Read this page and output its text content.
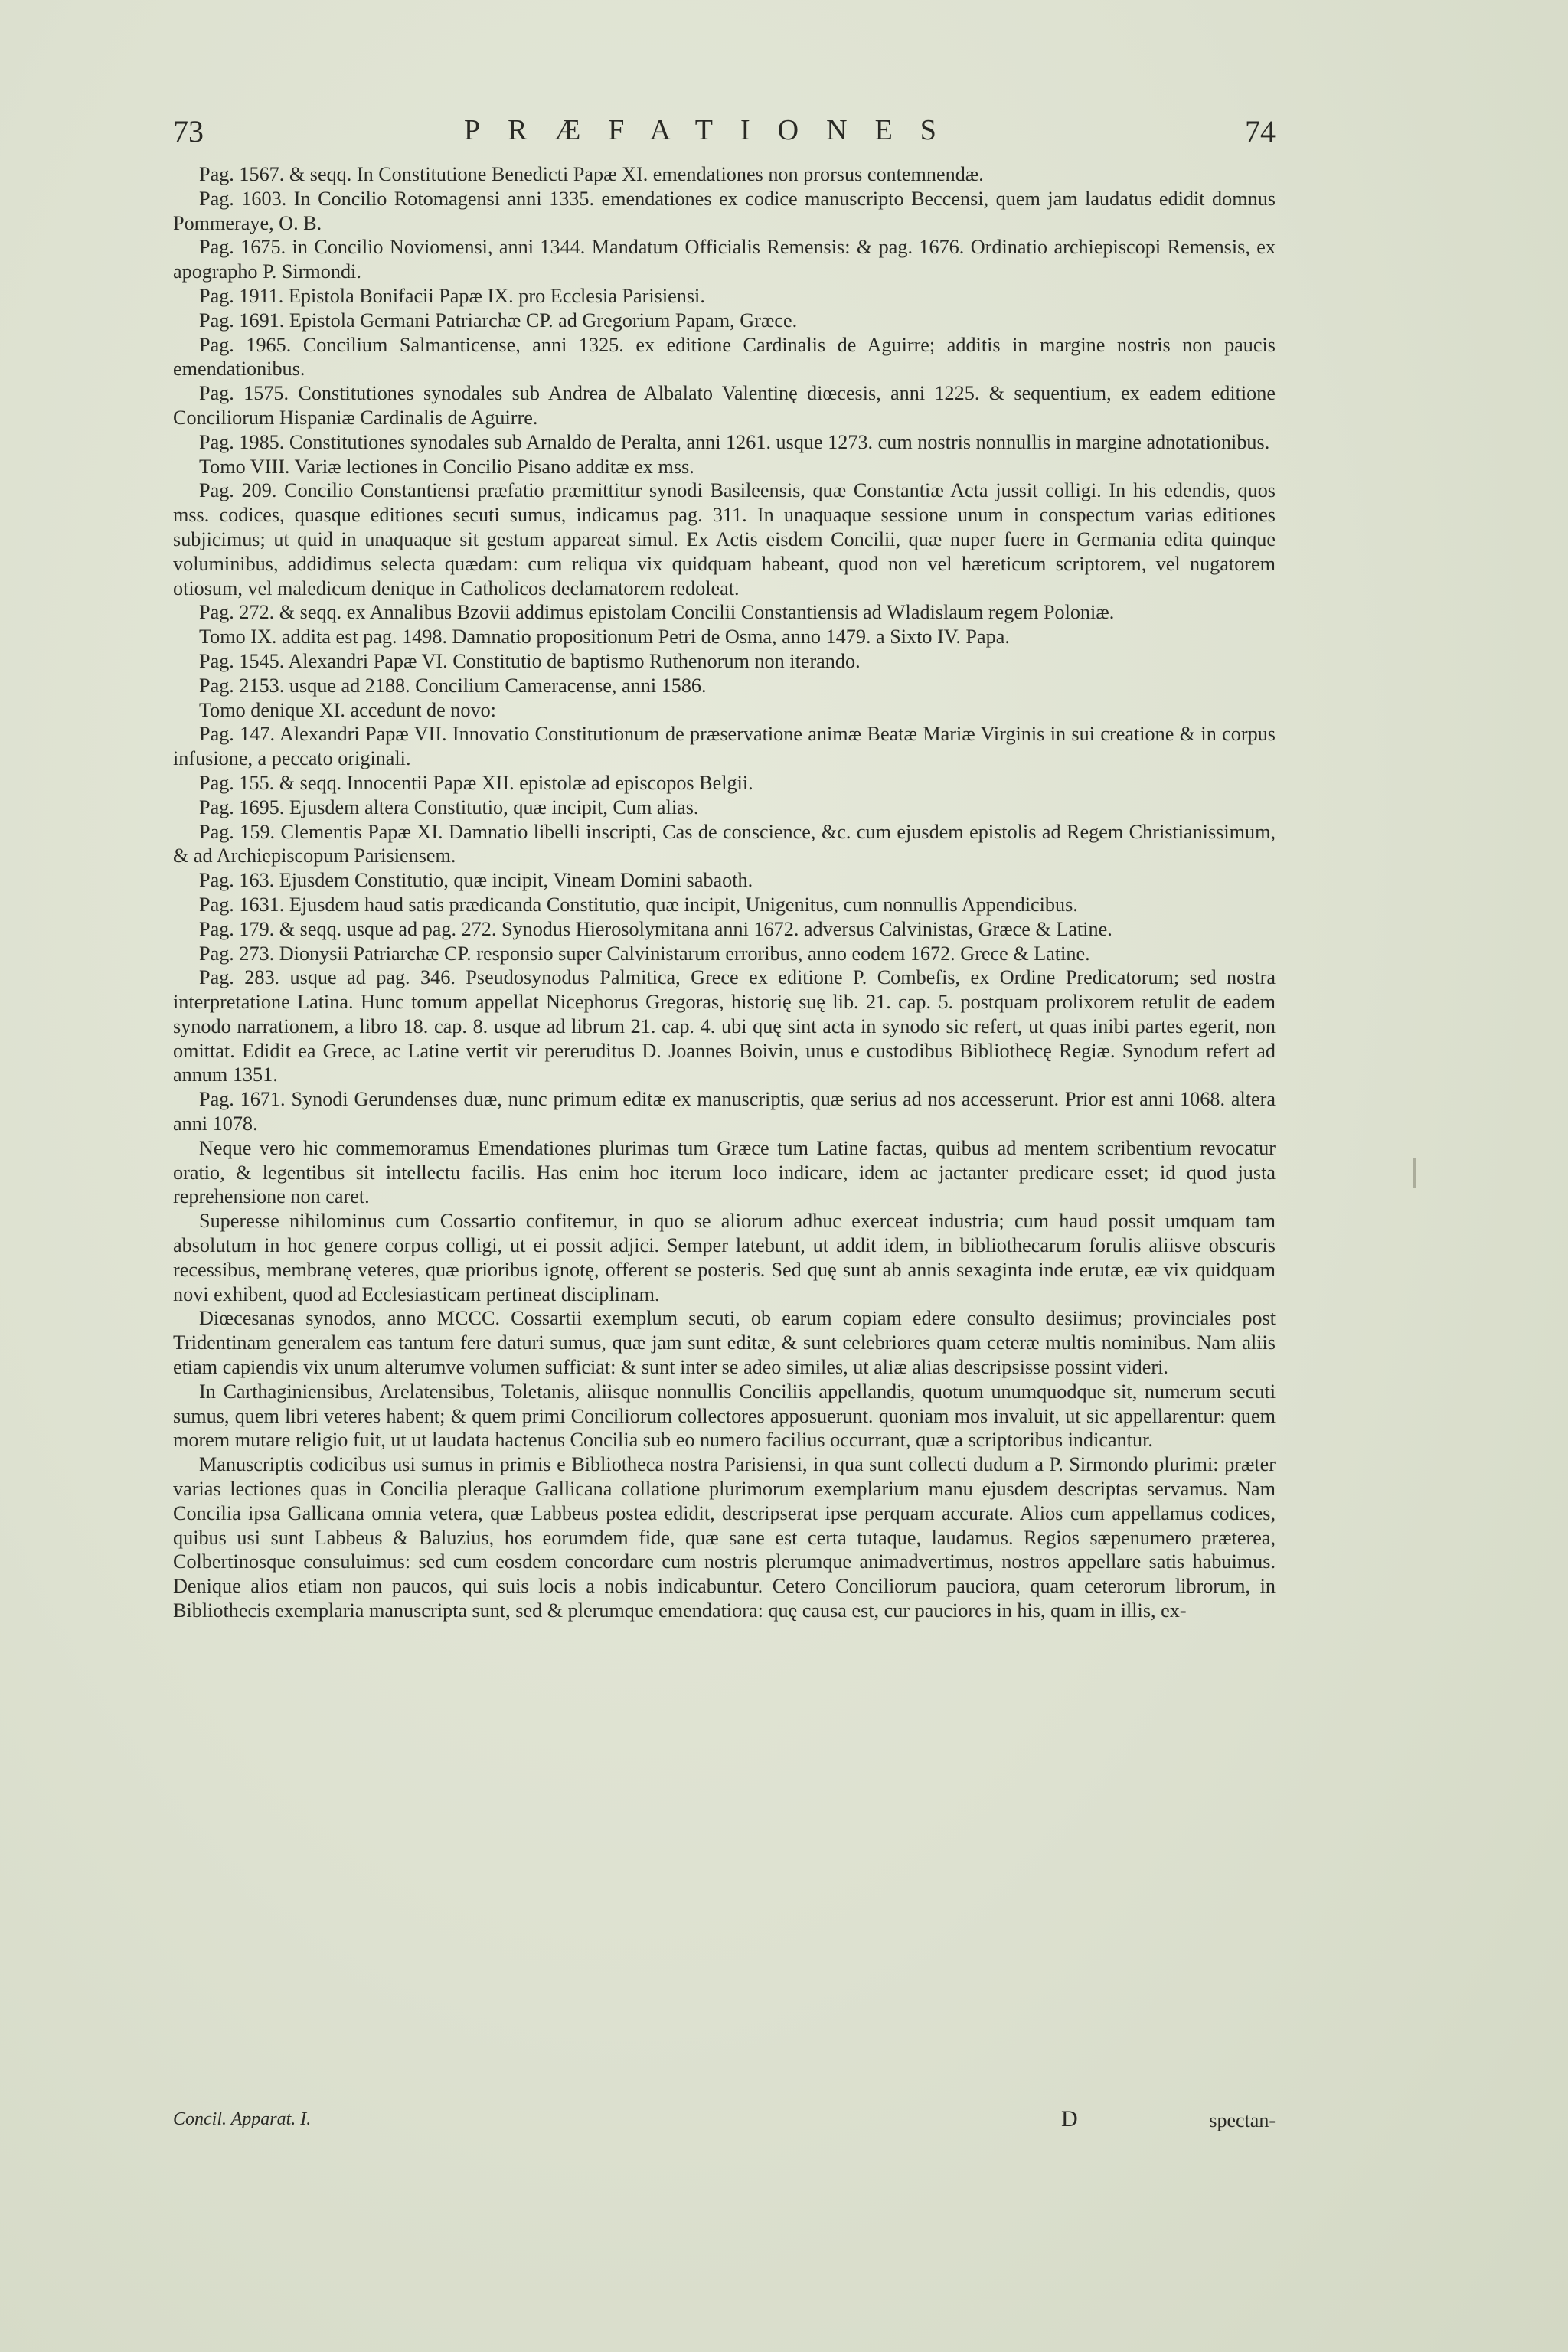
73	PRÆFATIONES	74

Pag. 1567. & seqq. In Constitutione Benedicti Papæ XI. emendationes non prorsus contemnendæ.

Pag. 1603. In Concilio Rotomagensi anni 1335. emendationes ex codice manuscripto Beccensi, quem jam laudatus edidit domnus Pommeraye, O. B.

Pag. 1675. in Concilio Noviomensi, anni 1344. Mandatum Officialis Remensis: & pag. 1676. Ordinatio archiepiscopi Remensis, ex apographo P. Sirmondi.

Pag. 1911. Epistola Bonifacii Papæ IX. pro Ecclesia Parisiensi.

Pag. 1691. Epistola Germani Patriarchæ CP. ad Gregorium Papam, Græce.

Pag. 1965. Concilium Salmanticense, anni 1325. ex editione Cardinalis de Aguirre; additis in margine nostris non paucis emendationibus.

Pag. 1575. Constitutiones synodales sub Andrea de Albalato Valentinę diœcesis, anni 1225. & sequentium, ex eadem editione Conciliorum Hispaniæ Cardinalis de Aguirre.

Pag. 1985. Constitutiones synodales sub Arnaldo de Peralta, anni 1261. usque 1273. cum nostris nonnullis in margine adnotationibus.

Tomo VIII. Variæ lectiones in Concilio Pisano additæ ex mss.

Pag. 209. Concilio Constantiensi præfatio præmittitur synodi Basileensis, quæ Constantiæ Acta jussit colligi. In his edendis, quos mss. codices, quasque editiones secuti sumus, indicamus pag. 311. In unaquaque sessione unum in conspectum varias editiones subjicimus; ut quid in unaquaque sit gestum appareat simul. Ex Actis eisdem Concilii, quæ nuper fuere in Germania edita quinque voluminibus, addidimus selecta quædam: cum reliqua vix quidquam habeant, quod non vel hæreticum scriptorem, vel nugatorem otiosum, vel maledicum denique in Catholicos declamatorem redoleat.

Pag. 272. & seqq. ex Annalibus Bzovii addimus epistolam Concilii Constantiensis ad Wladislaum regem Poloniæ.

Tomo IX. addita est pag. 1498. Damnatio propositionum Petri de Osma, anno 1479. a Sixto IV. Papa.

Pag. 1545. Alexandri Papæ VI. Constitutio de baptismo Ruthenorum non iterando.

Pag. 2153. usque ad 2188. Concilium Cameracense, anni 1586.

Tomo denique XI. accedunt de novo:

Pag. 147. Alexandri Papæ VII. Innovatio Constitutionum de præservatione animæ Beatæ Mariæ Virginis in sui creatione & in corpus infusione, a peccato originali.

Pag. 155. & seqq. Innocentii Papæ XII. epistolæ ad episcopos Belgii.

Pag. 1695. Ejusdem altera Constitutio, quæ incipit, Cum alias.

Pag. 159. Clementis Papæ XI. Damnatio libelli inscripti, Cas de conscience, &c. cum ejusdem epistolis ad Regem Christianissimum, & ad Archiepiscopum Parisiensem.

Pag. 163. Ejusdem Constitutio, quæ incipit, Vineam Domini sabaoth.

Pag. 1631. Ejusdem haud satis prædicanda Constitutio, quæ incipit, Unigenitus, cum nonnullis Appendicibus.

Pag. 179. & seqq. usque ad pag. 272. Synodus Hierosolymitana anni 1672. adversus Calvinistas, Græce & Latine.

Pag. 273. Dionysii Patriarchæ CP. responsio super Calvinistarum erroribus, anno eodem 1672. Grece & Latine.

Pag. 283. usque ad pag. 346. Pseudosynodus Palmitica, Grece ex editione P. Combefis, ex Ordine Predicatorum; sed nostra interpretatione Latina. Hunc tomum appellat Nicephorus Gregoras, historię suę lib. 21. cap. 5. postquam prolixorem retulit de eadem synodo narrationem, a libro 18. cap. 8. usque ad librum 21. cap. 4. ubi quę sint acta in synodo sic refert, ut quas inibi partes egerit, non omittat. Edidit ea Grece, ac Latine vertit vir pereruditus D. Joannes Boivin, unus e custodibus Bibliothecę Regiæ. Synodum refert ad annum 1351.

Pag. 1671. Synodi Gerundenses duæ, nunc primum editæ ex manuscriptis, quæ serius ad nos accesserunt. Prior est anni 1068. altera anni 1078.

Neque vero hic commemoramus Emendationes plurimas tum Græce tum Latine factas, quibus ad mentem scribentium revocatur oratio, & legentibus sit intellectu facilis. Has enim hoc iterum loco indicare, idem ac jactanter predicare esset; id quod justa reprehensione non caret.

Superesse nihilominus cum Cossartio confitemur, in quo se aliorum adhuc exerceat industria; cum haud possit umquam tam absolutum in hoc genere corpus colligi, ut ei possit adjici. Semper latebunt, ut addit idem, in bibliothecarum forulis aliisve obscuris recessibus, membranę veteres, quæ prioribus ignotę, offerent se posteris. Sed quę sunt ab annis sexaginta inde erutæ, eæ vix quidquam novi exhibent, quod ad Ecclesiasticam pertineat disciplinam.

Diœcesanas synodos, anno MCCC. Cossartii exemplum secuti, ob earum copiam edere consulto desiimus; provinciales post Tridentinam generalem eas tantum fere daturi sumus, quæ jam sunt editæ, & sunt celebriores quam ceteræ multis nominibus. Nam aliis etiam capiendis vix unum alterumve volumen sufficiat: & sunt inter se adeo similes, ut aliæ alias descripsisse possint videri.

In Carthaginiensibus, Arelatensibus, Toletanis, aliisque nonnullis Conciliis appellandis, quotum unumquodque sit, numerum secuti sumus, quem libri veteres habent; & quem primi Conciliorum collectores apposuerunt. quoniam mos invaluit, ut sic appellarentur: quem morem mutare religio fuit, ut ut laudata hactenus Concilia sub eo numero facilius occurrant, quæ a scriptoribus indicantur.

Manuscriptis codicibus usi sumus in primis e Bibliotheca nostra Parisiensi, in qua sunt collecti dudum a P. Sirmondo plurimi: præter varias lectiones quas in Concilia pleraque Gallicana collatione plurimorum exemplarium manu ejusdem descriptas servamus. Nam Concilia ipsa Gallicana omnia vetera, quæ Labbeus postea edidit, descripserat ipse perquam accurate. Alios cum appellamus codices, quibus usi sunt Labbeus & Baluzius, hos eorumdem fide, quæ sane est certa tutaque, laudamus. Regios sæpenumero præterea, Colbertinosque consuluimus: sed cum eosdem concordare cum nostris plerumque animadvertimus, nostros appellare satis habuimus. Denique alios etiam non paucos, qui suis locis a nobis indicabuntur. Cetero Conciliorum pauciora, quam ceterorum librorum, in Bibliothecis exemplaria manuscripta sunt, sed & plerumque emendatiora: quę causa est, cur pauciores in his, quam in illis, ex-

Concil. Apparat. I.	D	spectan-
